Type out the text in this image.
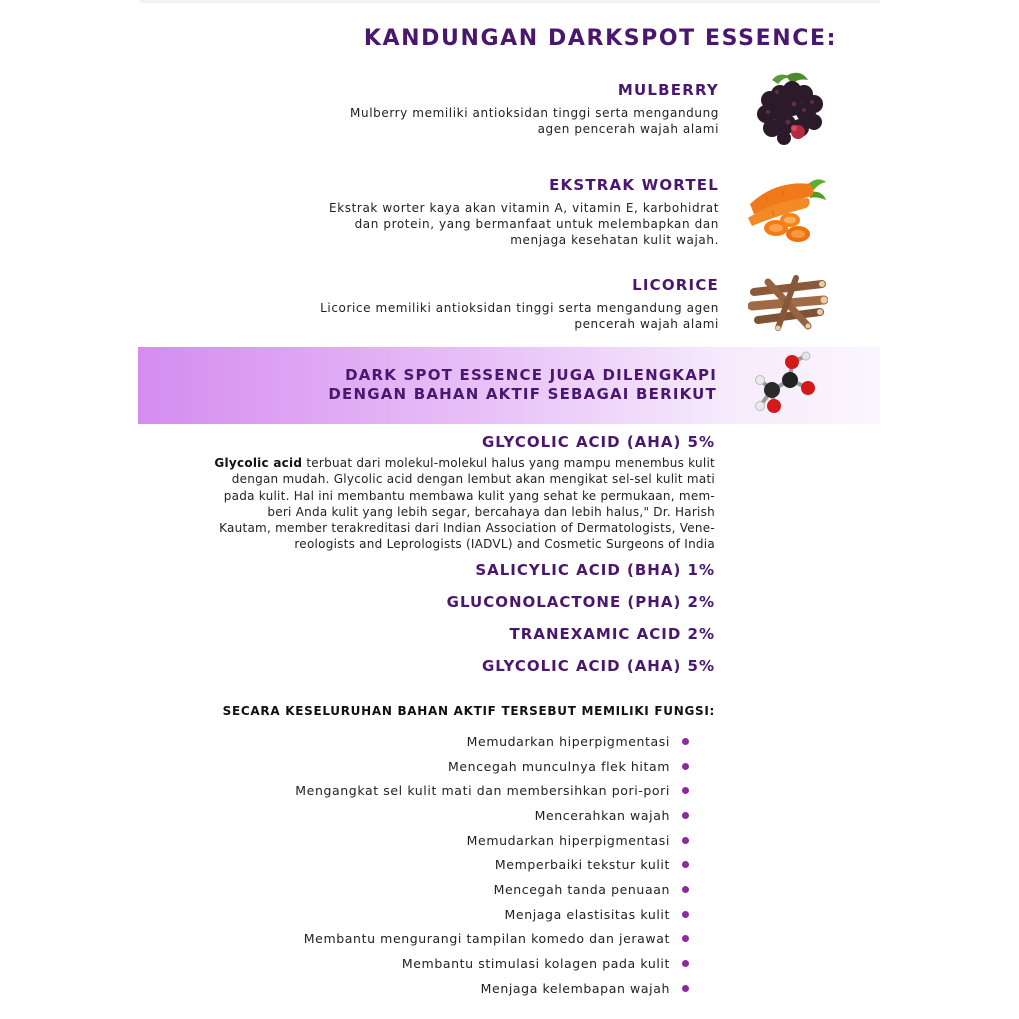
KANDUNGAN DARKSPOT ESSENCE:
MULBERRY
Mulberry memiliki antioksidan tinggi serta mengandung
agen pencerah wajah alami
EKSTRAK WORTEL
Ekstrak worter kaya akan vitamin A, vitamin E, karbohidrat
dan protein, yang bermanfaat untuk melembapkan dan
menjaga kesehatan kulit wajah.
LICORICE
Licorice memiliki antioksidan tinggi serta mengandung agen
pencerah wajah alami
DARK SPOT ESSENCE JUGA DILENGKAPI
DENGAN BAHAN AKTIF SEBAGAI BERIKUT
GLYCOLIC ACID (AHA) 5%
Glycolic acid terbuat dari molekul-molekul halus yang mampu menembus kulit
dengan mudah. Glycolic acid dengan lembut akan mengikat sel-sel kulit mati
pada kulit. Hal ini membantu membawa kulit yang sehat ke permukaan, mem-
beri Anda kulit yang lebih segar, bercahaya dan lebih halus," Dr. Harish
Kautam, member terakreditasi dari Indian Association of Dermatologists, Vene-
reologists and Leprologists (IADVL) and Cosmetic Surgeons of India
SALICYLIC ACID (BHA) 1%
GLUCONOLACTONE (PHA) 2%
TRANEXAMIC ACID 2%
GLYCOLIC ACID (AHA) 5%
SECARA KESELURUHAN BAHAN AKTIF TERSEBUT MEMILIKI FUNGSI:
Memudarkan hiperpigmentasi
Mencegah munculnya flek hitam
Mengangkat sel kulit mati dan membersihkan pori-pori
Mencerahkan wajah
Memudarkan hiperpigmentasi
Memperbaiki tekstur kulit
Mencegah tanda penuaan
Menjaga elastisitas kulit
Membantu mengurangi tampilan komedo dan jerawat
Membantu stimulasi kolagen pada kulit
Menjaga kelembapan wajah
